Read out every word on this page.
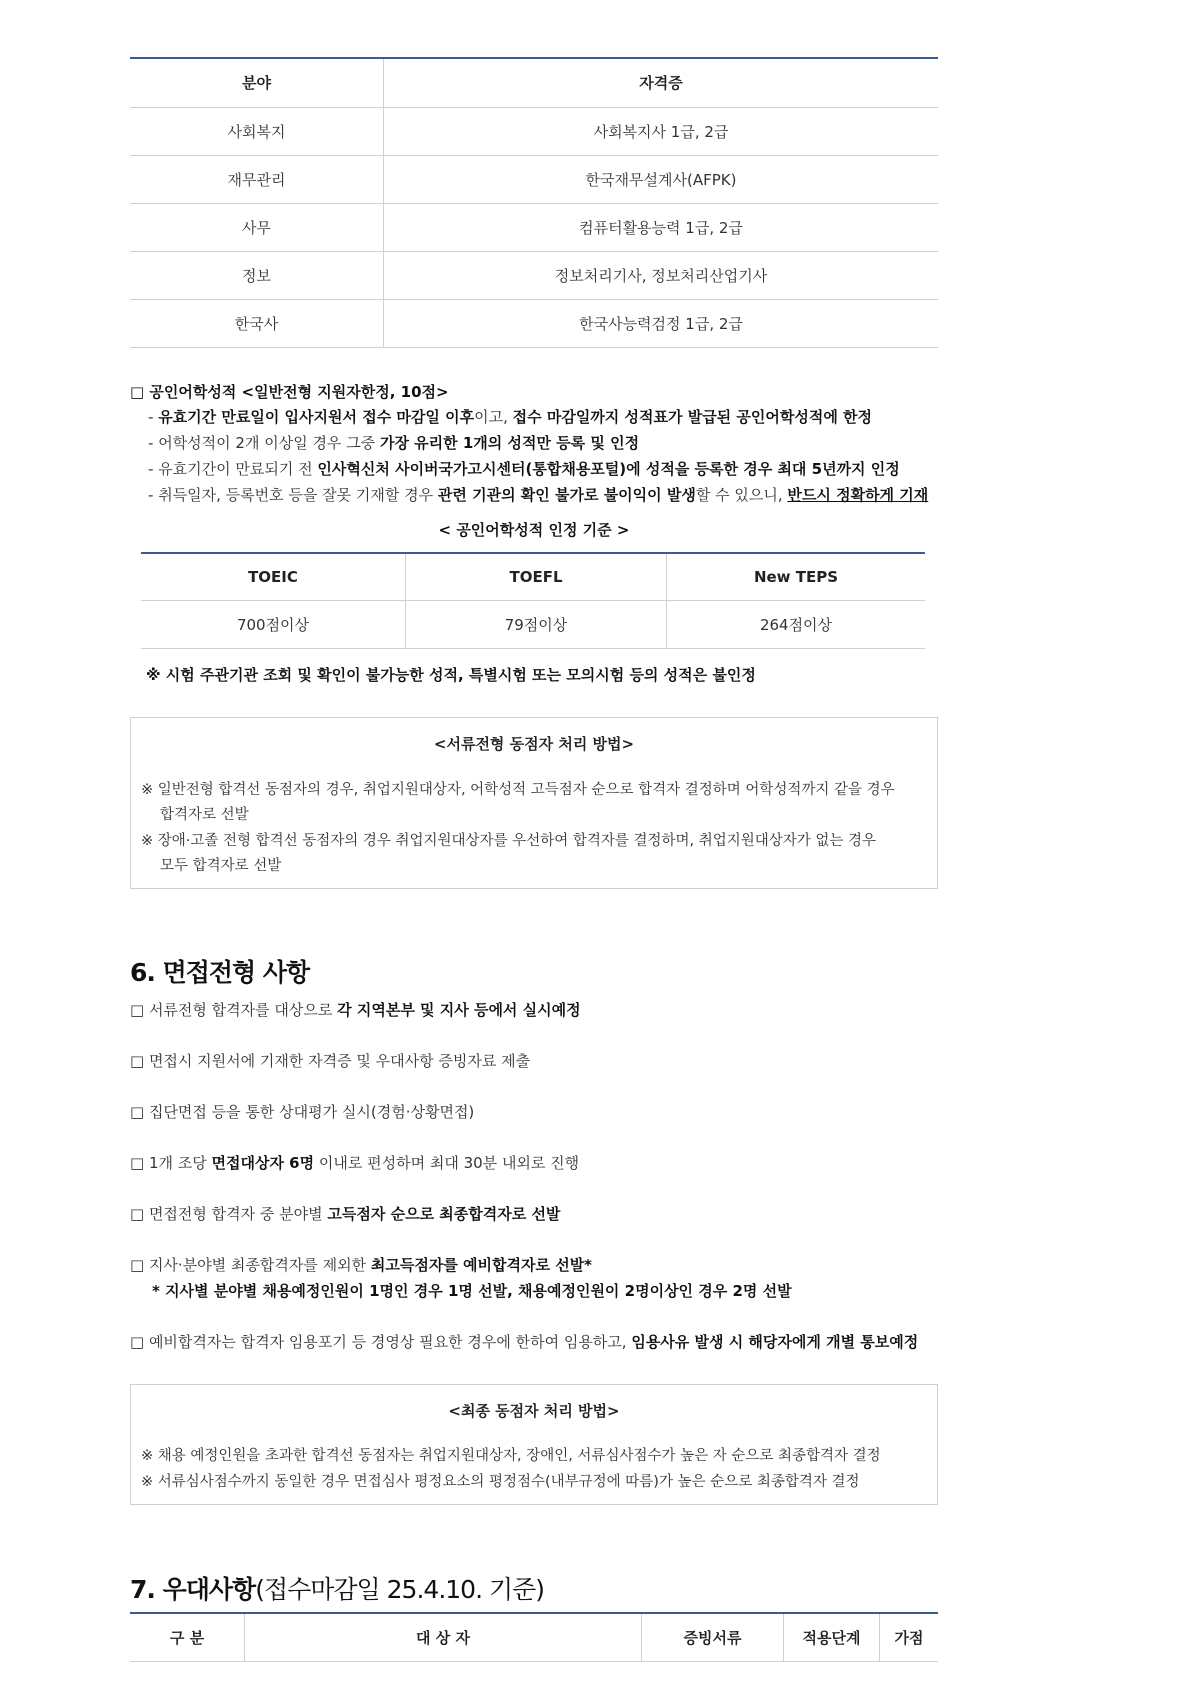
분야	자격증
사회복지	사회복지사 1급, 2급
재무관리	한국재무설계사(AFPK)
사무	컴퓨터활용능력 1급, 2급
정보	정보처리기사, 정보처리산업기사
한국사	한국사능력검정 1급, 2급
□ 공인어학성적 <일반전형 지원자한정, 10점>
- 유효기간 만료일이 입사지원서 접수 마감일 이후이고, 접수 마감일까지 성적표가 발급된 공인어학성적에 한정
- 어학성적이 2개 이상일 경우 그중 가장 유리한 1개의 성적만 등록 및 인정
- 유효기간이 만료되기 전 인사혁신처 사이버국가고시센터(통합채용포털)에 성적을 등록한 경우 최대 5년까지 인정
- 취득일자, 등록번호 등을 잘못 기재할 경우 관련 기관의 확인 불가로 불이익이 발생할 수 있으니, 반드시 정확하게 기재
< 공인어학성적 인정 기준 >
TOEIC	TOEFL	New TEPS
700점이상	79점이상	264점이상
※ 시험 주관기관 조회 및 확인이 불가능한 성적, 특별시험 또는 모의시험 등의 성적은 불인정
<서류전형 동점자 처리 방법>
※ 일반전형 합격선 동점자의 경우, 취업지원대상자, 어학성적 고득점자 순으로 합격자 결정하며 어학성적까지 같을 경우
합격자로 선발
※ 장애·고졸 전형 합격선 동점자의 경우 취업지원대상자를 우선하여 합격자를 결정하며, 취업지원대상자가 없는 경우
모두 합격자로 선발
6. 면접전형 사항
□ 서류전형 합격자를 대상으로 각 지역본부 및 지사 등에서 실시예정
□ 면접시 지원서에 기재한 자격증 및 우대사항 증빙자료 제출
□ 집단면접 등을 통한 상대평가 실시(경험·상황면접)
□ 1개 조당 면접대상자 6명 이내로 편성하며 최대 30분 내외로 진행
□ 면접전형 합격자 중 분야별 고득점자 순으로 최종합격자로 선발
□ 지사·분야별 최종합격자를 제외한 최고득점자를 예비합격자로 선발*
* 지사별 분야별 채용예정인원이 1명인 경우 1명 선발, 채용예정인원이 2명이상인 경우 2명 선발
□ 예비합격자는 합격자 임용포기 등 경영상 필요한 경우에 한하여 임용하고, 임용사유 발생 시 해당자에게 개별 통보예정
<최종 동점자 처리 방법>
※ 채용 예정인원을 초과한 합격선 동점자는 취업지원대상자, 장애인, 서류심사점수가 높은 자 순으로 최종합격자 결정
※ 서류심사점수까지 동일한 경우 면접심사 평정요소의 평정점수(내부규정에 따름)가 높은 순으로 최종합격자 결정
7. 우대사항(접수마감일 25.4.10. 기준)
구 분	대 상 자	증빙서류	적용단계	가점
